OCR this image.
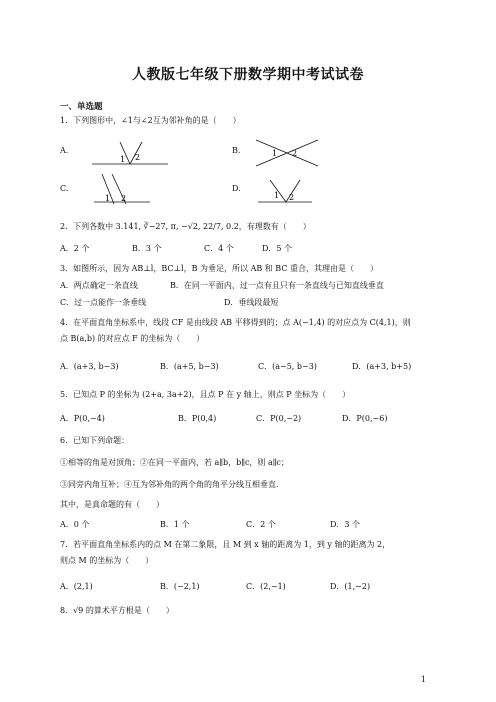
人教版七年级下册数学期中考试试卷
一、单选题
1．下列图形中，∠1与∠2互为邻补角的是（　　）
A.
1 2
B.	1 2
C.
1 2
D.
1 2
2．下列各数中 3.141, ∛−27, π, −√2, 22/7, 0.2，有理数有（　　）
A．2 个	B．3 个	C．4 个	D．5 个
3．如图所示，因为 AB⊥l，BC⊥l，B 为垂足，所以 AB 和 BC 重合，其理由是（　　）
A．两点确定一条直线	B．在同一平面内，过一点有且只有一条直线与已知直线垂直
C．过一点能作一条垂线	D．垂线段最短
4．在平面直角坐标系中，线段 CF 是由线段 AB 平移得到的；点 A(−1,4) 的对应点为 C(4,1)，则
点 B(a,b) 的对应点 F 的坐标为（　　）
A．(a+3, b−3)	B．(a+5, b−3)	C．(a−5, b−3)	D．(a+3, b+5)
5．已知点 P 的坐标为 (2+a, 3a+2)，且点 P 在 y 轴上，则点 P 坐标为（　　）
A．P(0,−4)	B．P(0,4)	C．P(0,−2)	D．P(0,−6)
6．已知下列命题：
①相等的角是对顶角；②在同一平面内，若 a∥b，b∥c，则 a∥c；
③同旁内角互补；④互为邻补角的两个角的角平分线互相垂直．
其中，是真命题的有（　　）
A．0 个	B．1 个	C．2 个	D．3 个
7．若平面直角坐标系内的点 M 在第二象限，且 M 到 x 轴的距离为 1，到 y 轴的距离为 2，
则点 M 的坐标为（　　）
A．(2,1)	B．(−2,1)	C．(2,−1)	D．(1,−2)
8．√9 的算术平方根是（　　）
1
